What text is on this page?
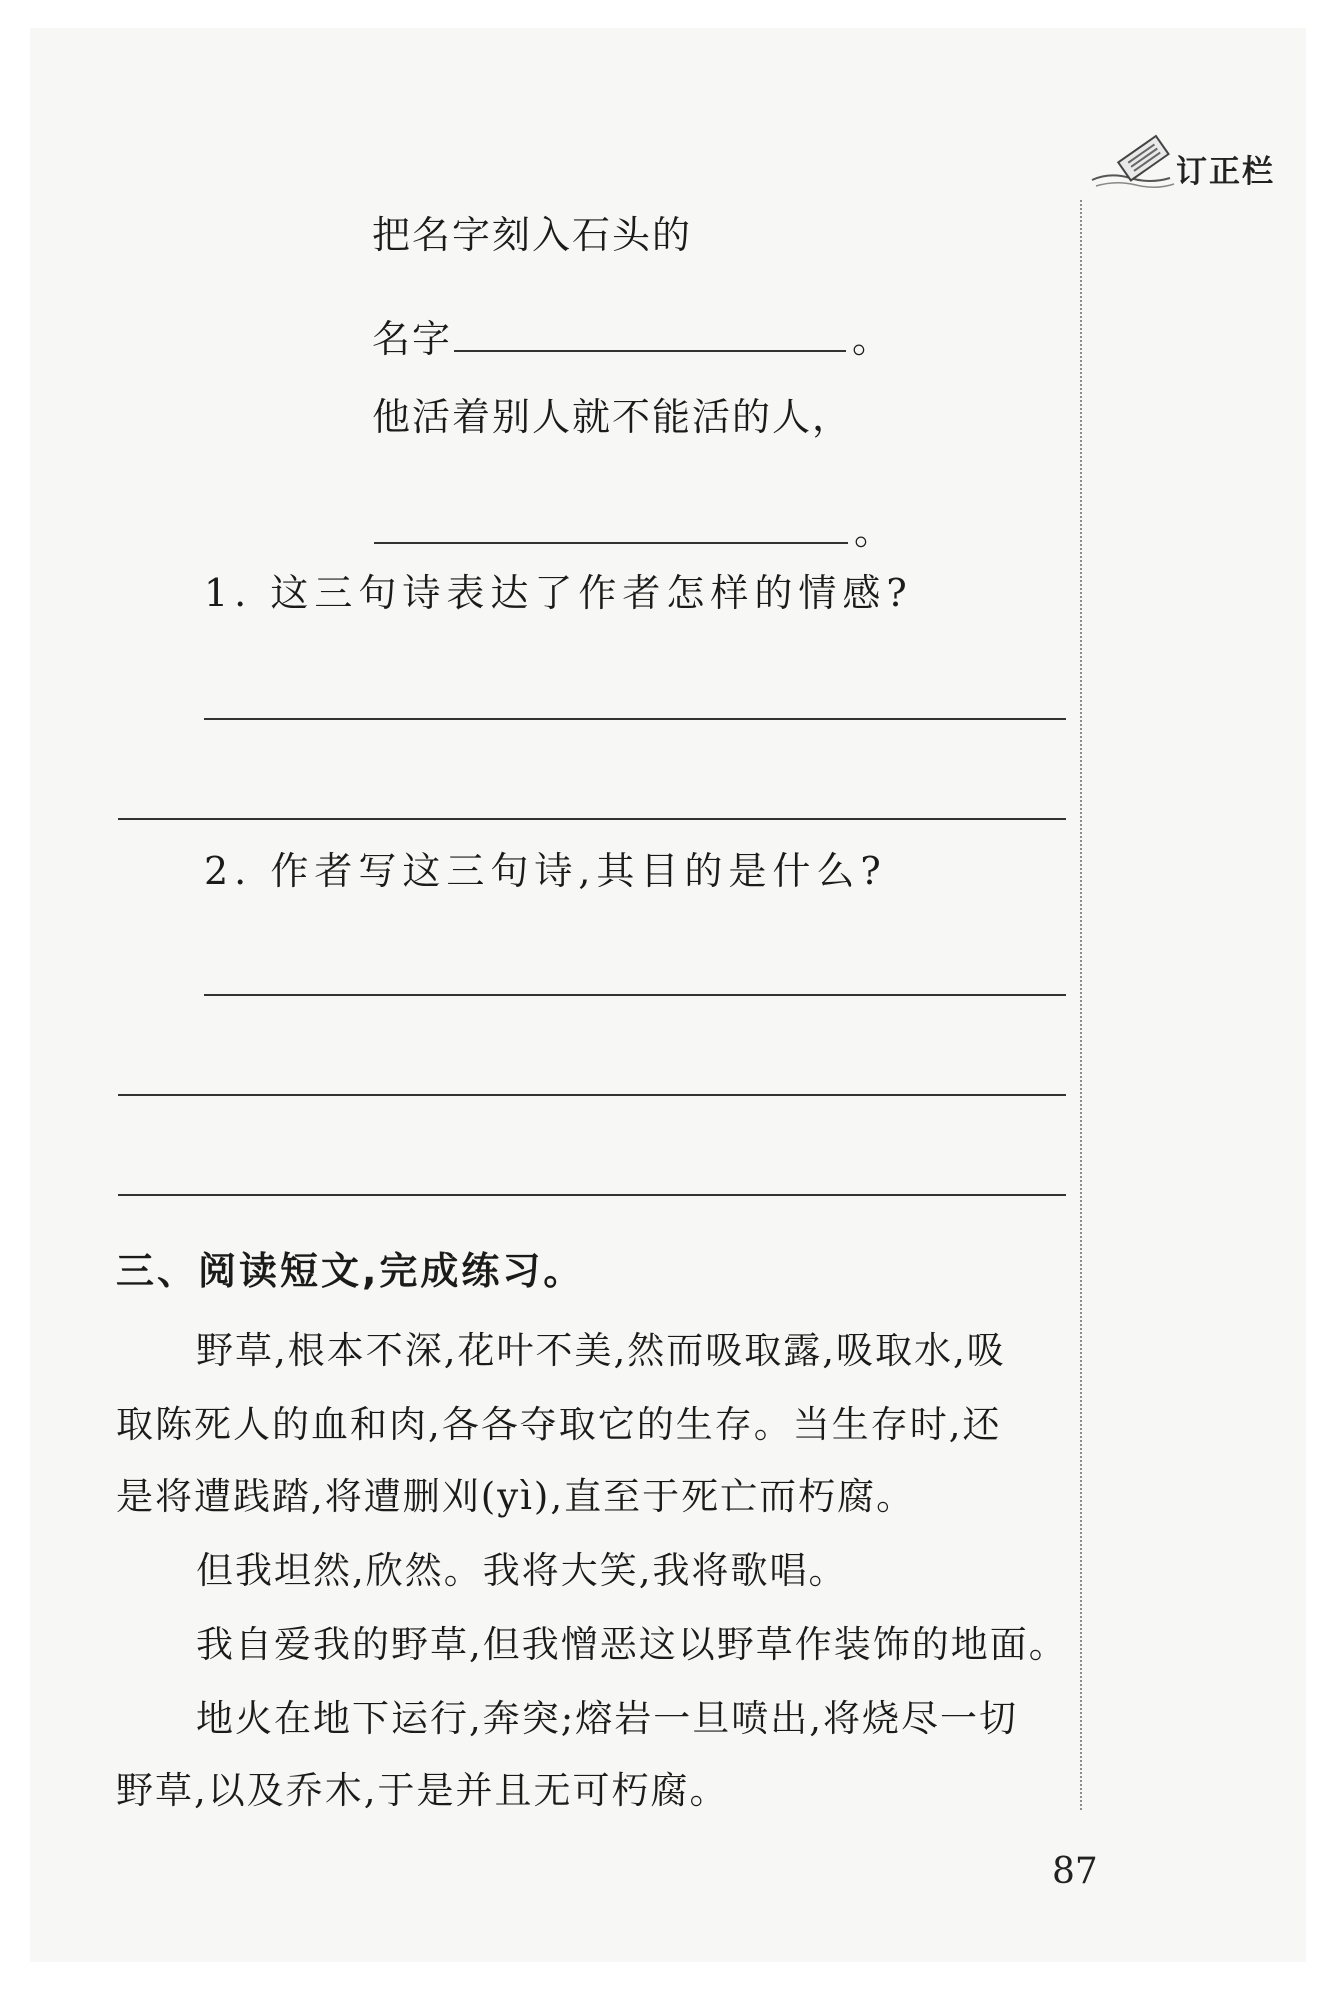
订正栏
把名字刻入石头的
名字	。
他活着别人就不能活的人，
。
1. 这三句诗表达了作者怎样的情感?
2. 作者写这三句诗,其目的是什么?
三、阅读短文,完成练习。
野草,根本不深,花叶不美,然而吸取露,吸取水,吸
取陈死人的血和肉,各各夺取它的生存。当生存时,还
是将遭践踏,将遭删刈(yì),直至于死亡而朽腐。
但我坦然,欣然。我将大笑,我将歌唱。
我自爱我的野草,但我憎恶这以野草作装饰的地面。
地火在地下运行,奔突;熔岩一旦喷出,将烧尽一切
野草,以及乔木,于是并且无可朽腐。
87
